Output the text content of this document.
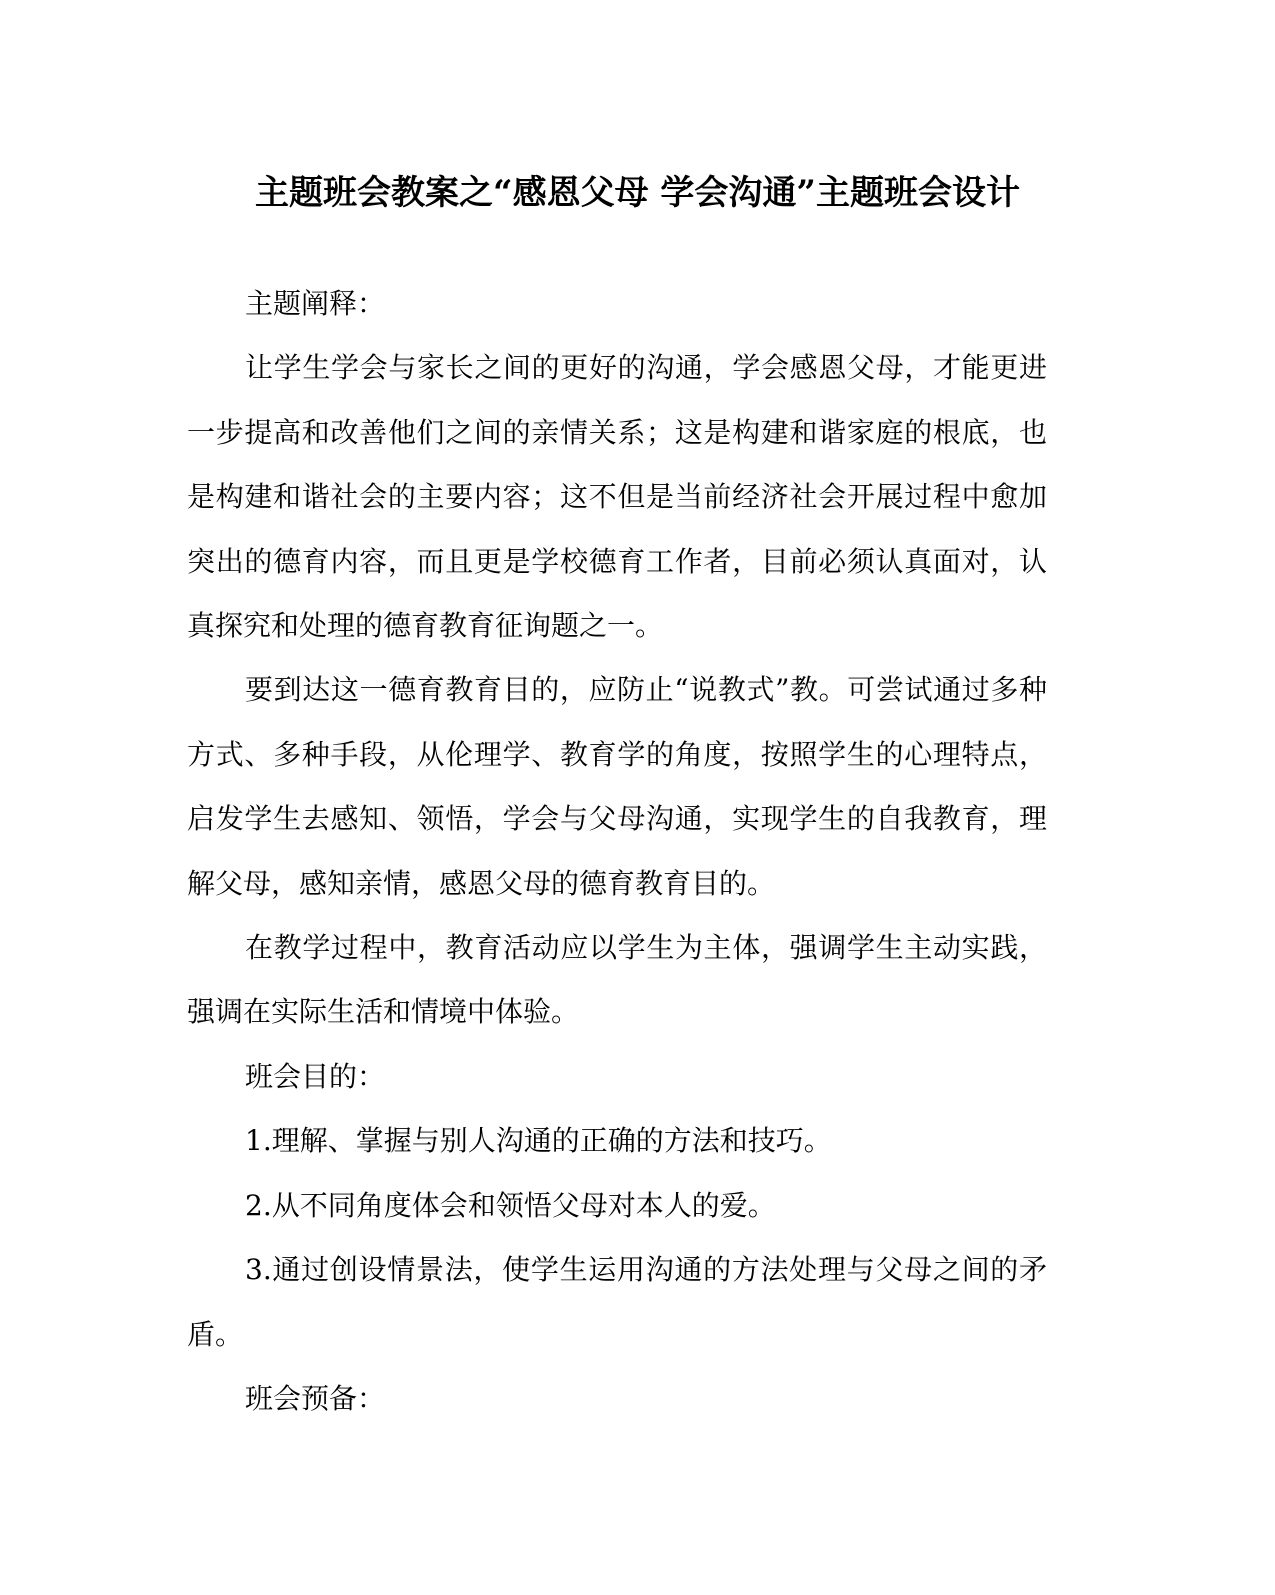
主题班会教案之“感恩父母 学会沟通”主题班会设计

主题阐释：

让学生学会与家长之间的更好的沟通，学会感恩父母，才能更进一步提高和改善他们之间的亲情关系；这是构建和谐家庭的根底，也是构建和谐社会的主要内容；这不但是当前经济社会开展过程中愈加突出的德育内容，而且更是学校德育工作者，目前必须认真面对，认真探究和处理的德育教育征询题之一。

要到达这一德育教育目的，应防止“说教式”教。可尝试通过多种方式、多种手段，从伦理学、教育学的角度，按照学生的心理特点，启发学生去感知、领悟，学会与父母沟通，实现学生的自我教育，理解父母，感知亲情，感恩父母的德育教育目的。

在教学过程中，教育活动应以学生为主体，强调学生主动实践，强调在实际生活和情境中体验。

班会目的：

1.理解、掌握与别人沟通的正确的方法和技巧。

2.从不同角度体会和领悟父母对本人的爱。

3.通过创设情景法，使学生运用沟通的方法处理与父母之间的矛盾。

班会预备：
